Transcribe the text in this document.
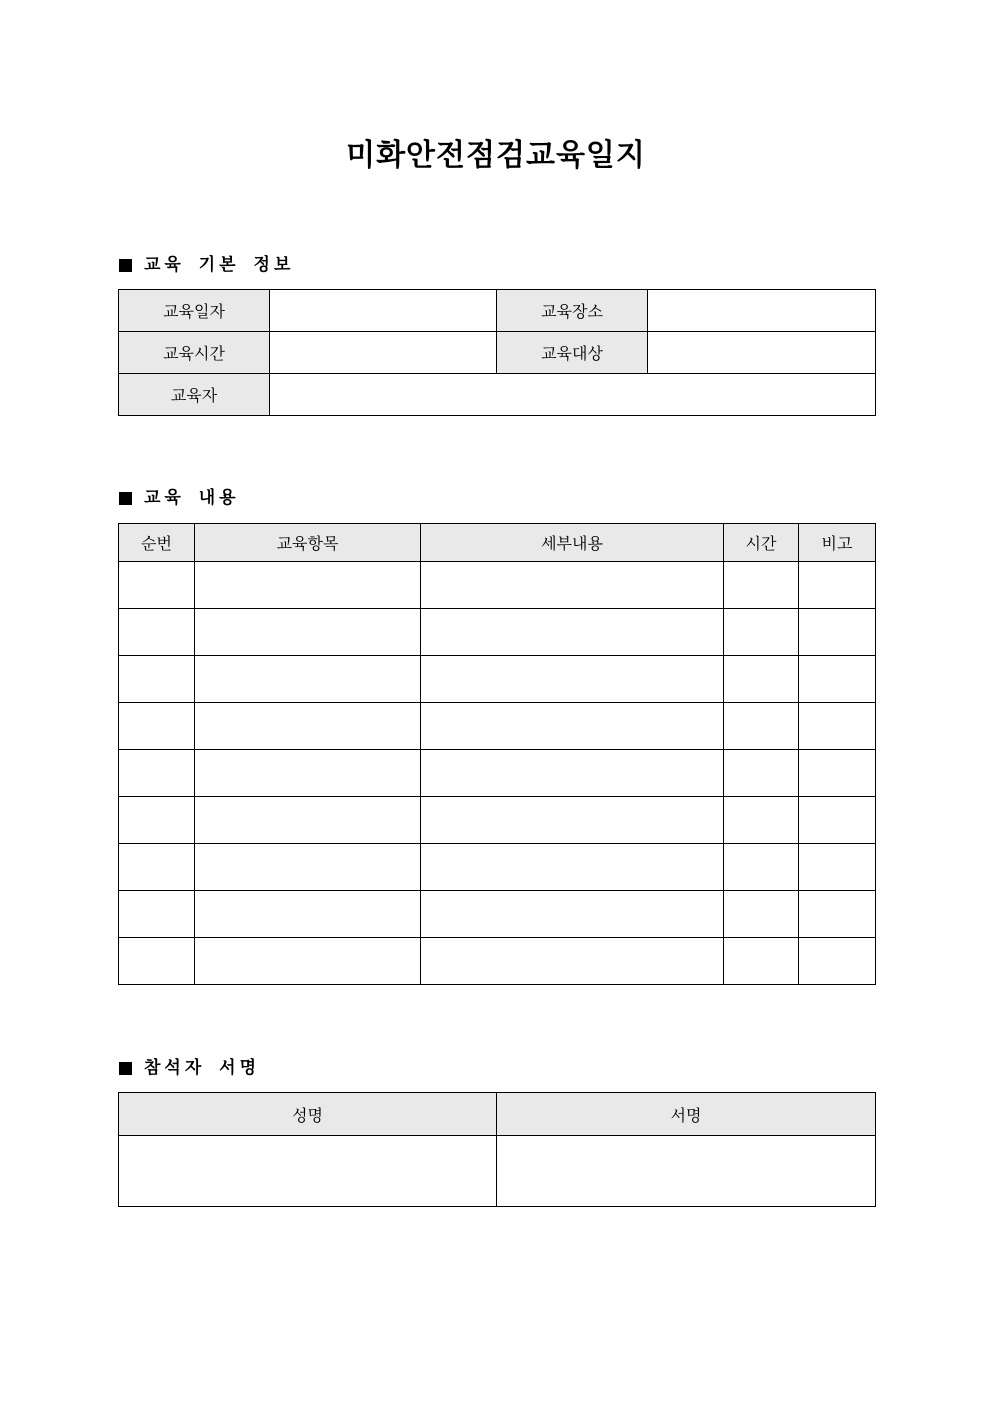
미화안전점검교육일지
교육 기본 정보
교육일자		교육장소	
교육시간		교육대상	
교육자			
교육 내용
순번	교육항목	세부내용	시간	비고

참석자 서명
성명	서명
